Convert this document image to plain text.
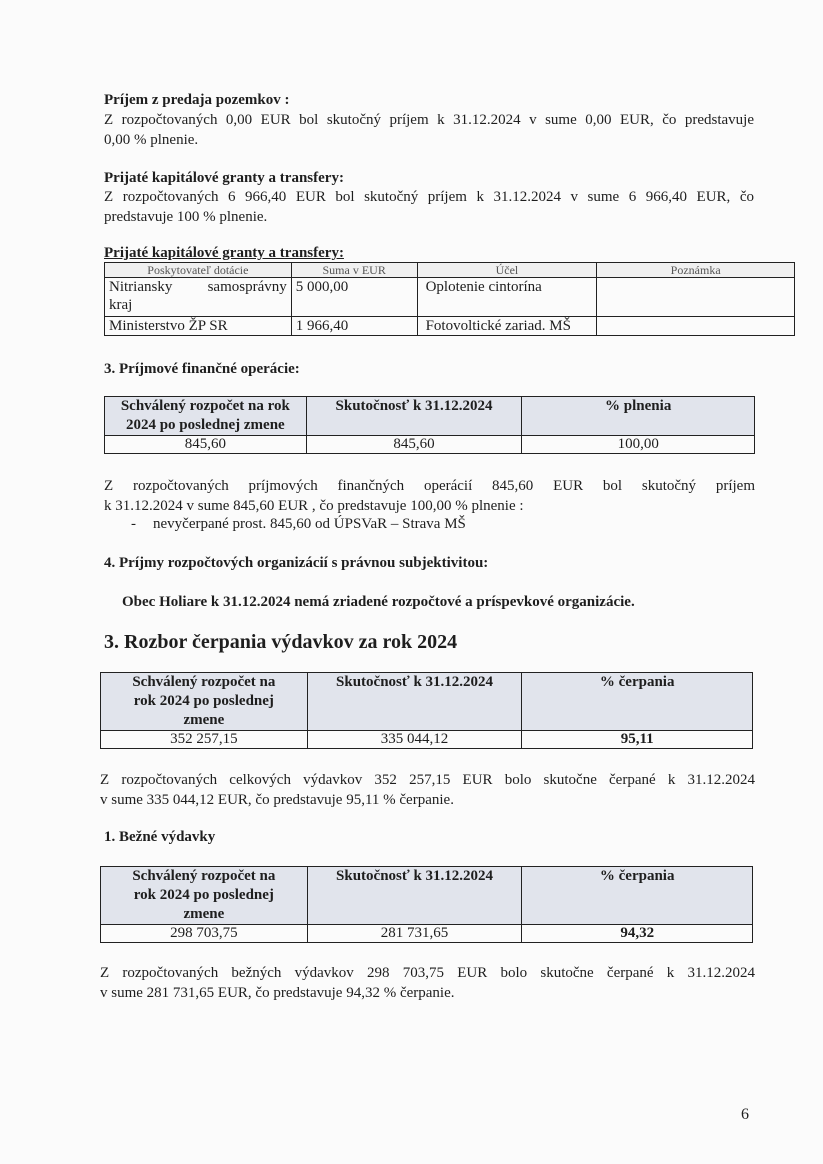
Príjem z predaja pozemkov :
Z rozpočtovaných 0,00 EUR bol skutočný príjem k 31.12.2024 v sume 0,00 EUR, čo predstavuje
0,00 % plnenie.
Prijaté kapitálové granty a transfery:
Z rozpočtovaných 6 966,40 EUR bol skutočný príjem k 31.12.2024 v sume 6 966,40 EUR, čo
predstavuje 100 % plnenie.
Prijaté kapitálové granty a transfery:
Poskytovateľ dotácie	Suma v EUR	Účel	Poznámka

Nitriansky samosprávny
kraj	5 000,00	Oplotenie cintorína	

Ministerstvo ŽP SR	1 966,40	Fotovoltické zariad. MŠ	
3. Príjmové finančné operácie:
Schválený rozpočet na rok
2024 po poslednej zmene	Skutočnosť k 31.12.2024	% plnenia
845,60	845,60	100,00
Z rozpočtovaných príjmových finančných operácií 845,60 EUR bol skutočný príjem
k 31.12.2024 v sume 845,60 EUR , čo predstavuje 100,00 % plnenie :
- nevyčerpané prost. 845,60 od ÚPSVaR – Strava MŠ
4. Príjmy rozpočtových organizácií s právnou subjektivitou:
Obec Holiare k 31.12.2024 nemá zriadené rozpočtové a príspevkové organizácie.
3. Rozbor čerpania výdavkov za rok 2024
Schválený rozpočet na
rok 2024 po poslednej
zmene	Skutočnosť k 31.12.2024	% čerpania
352 257,15	335 044,12	95,11
Z rozpočtovaných celkových výdavkov 352 257,15 EUR bolo skutočne čerpané k 31.12.2024
v sume 335 044,12 EUR, čo predstavuje 95,11 % čerpanie.
1. Bežné výdavky
Schválený rozpočet na
rok 2024 po poslednej
zmene	Skutočnosť k 31.12.2024	% čerpania
298 703,75	281 731,65	94,32
Z rozpočtovaných bežných výdavkov 298 703,75 EUR bolo skutočne čerpané k 31.12.2024
v sume 281 731,65 EUR, čo predstavuje 94,32 % čerpanie.
6
